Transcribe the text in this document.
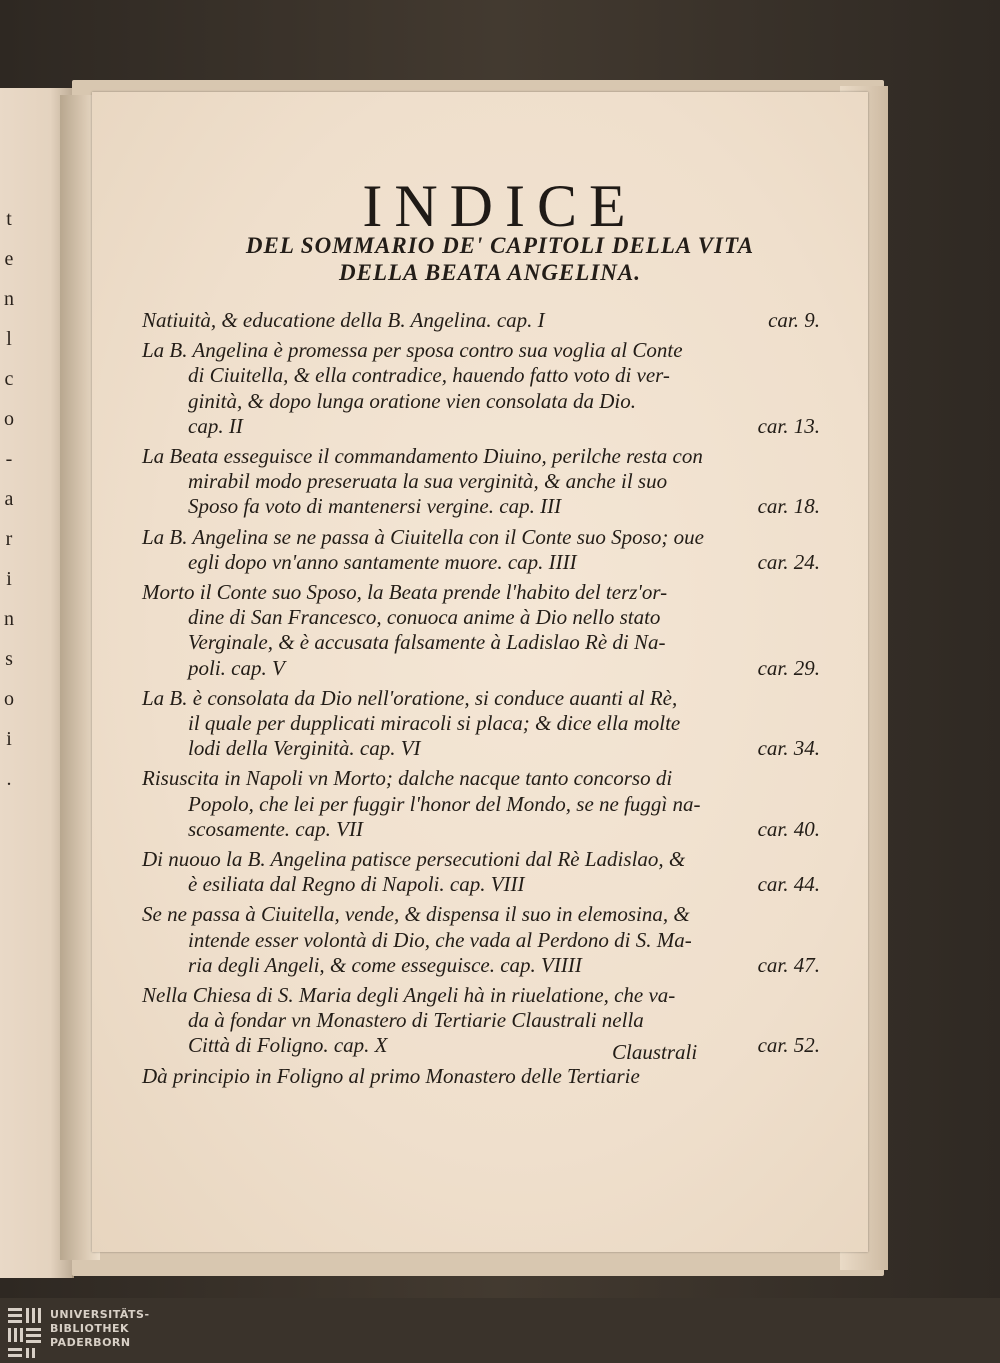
t
e
n
l
c
o
-
a
r
i
n
s
o
i
.
INDICE
DEL SOMMARIO DE' CAPITOLI DELLA VITA
DELLA BEATA ANGELINA.
Natiuità, & educatione della B. Angelina. cap. I	car. 9.
La B. Angelina è promessa per sposa contro sua voglia al Conte
di Ciuitella, & ella contradice, hauendo fatto voto di ver-
ginità, & dopo lunga oratione vien consolata da Dio.
cap. II	car. 13.
La Beata esseguisce il commandamento Diuino, perilche resta con
mirabil modo preseruata la sua verginità, & anche il suo
Sposo fa voto di mantenersi vergine. cap. III	car. 18.
La B. Angelina se ne passa à Ciuitella con il Conte suo Sposo; oue
egli dopo vn'anno santamente muore. cap. IIII	car. 24.
Morto il Conte suo Sposo, la Beata prende l'habito del terz'or-
dine di San Francesco, conuoca anime à Dio nello stato
Verginale, & è accusata falsamente à Ladislao Rè di Na-
poli. cap. V	car. 29.
La B. è consolata da Dio nell'oratione, si conduce auanti al Rè,
il quale per dupplicati miracoli si placa; & dice ella molte
lodi della Verginità. cap. VI	car. 34.
Risuscita in Napoli vn Morto; dalche nacque tanto concorso di
Popolo, che lei per fuggir l'honor del Mondo, se ne fuggì na-
scosamente. cap. VII	car. 40.
Di nuouo la B. Angelina patisce persecutioni dal Rè Ladislao, &
è esiliata dal Regno di Napoli. cap. VIII	car. 44.
Se ne passa à Ciuitella, vende, & dispensa il suo in elemosina, &
intende esser volontà di Dio, che vada al Perdono di S. Ma-
ria degli Angeli, & come esseguisce. cap. VIIII	car. 47.
Nella Chiesa di S. Maria degli Angeli hà in riuelatione, che va-
da à fondar vn Monastero di Tertiarie Claustrali nella
Città di Foligno. cap. X	car. 52.
Dà principio in Foligno al primo Monastero delle Tertiarie
Claustrali
UNIVERSITÄTS-
BIBLIOTHEK
PADERBORN
